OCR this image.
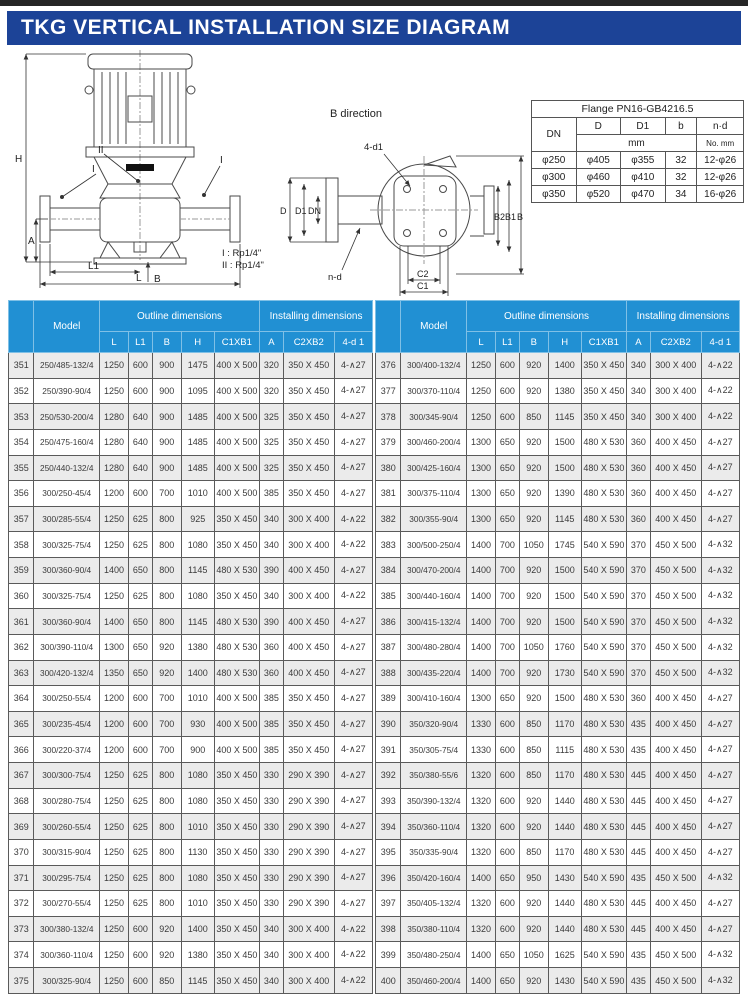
TKG VERTICAL INSTALLATION SIZE DIAGRAM
H
A
L1
L B
II
I
I
B direction
D D1 DN
n-d
4-d1
B2 B1 B
C2
C1
I : Rp1/4"
II : Rp1/4"
Flange PN16-GB4216.5				
DN	D	D1	b	n·d
	mm			No. mm
φ250	φ405	φ355	32	12-φ26
φ300	φ460	φ410	32	12-φ26
φ350	φ520	φ470	34	16-φ26
	Model	Outline dimensions					Installing dimensions		
		L	L1	B	H	C1XB1	A	C2XB2	4-d 1
351	250/485-132/4	1250	600	900	1475	400 X 500	320	350 X 450	4-∧27
352	250/390-90/4	1250	600	900	1095	400 X 500	320	350 X 450	4-∧27
353	250/530-200/4	1280	640	900	1485	400 X 500	325	350 X 450	4-∧27
354	250/475-160/4	1280	640	900	1485	400 X 500	325	350 X 450	4-∧27
355	250/440-132/4	1280	640	900	1485	400 X 500	325	350 X 450	4-∧27
356	300/250-45/4	1200	600	700	1010	400 X 500	385	350 X 450	4-∧27
357	300/285-55/4	1250	625	800	925	350 X 450	340	300 X 400	4-∧22
358	300/325-75/4	1250	625	800	1080	350 X 450	340	300 X 400	4-∧22
359	300/360-90/4	1400	650	800	1145	480 X 530	390	400 X 450	4-∧27
360	300/325-75/4	1250	625	800	1080	350 X 450	340	300 X 400	4-∧22
361	300/360-90/4	1400	650	800	1145	480 X 530	390	400 X 450	4-∧27
362	300/390-110/4	1300	650	920	1380	480 X 530	360	400 X 450	4-∧27
363	300/420-132/4	1350	650	920	1400	480 X 530	360	400 X 450	4-∧27
364	300/250-55/4	1200	600	700	1010	400 X 500	385	350 X 450	4-∧27
365	300/235-45/4	1200	600	700	930	400 X 500	385	350 X 450	4-∧27
366	300/220-37/4	1200	600	700	900	400 X 500	385	350 X 450	4-∧27
367	300/300-75/4	1250	625	800	1080	350 X 450	330	290 X 390	4-∧27
368	300/280-75/4	1250	625	800	1080	350 X 450	330	290 X 390	4-∧27
369	300/260-55/4	1250	625	800	1010	350 X 450	330	290 X 390	4-∧27
370	300/315-90/4	1250	625	800	1130	350 X 450	330	290 X 390	4-∧27
371	300/295-75/4	1250	625	800	1080	350 X 450	330	290 X 390	4-∧27
372	300/270-55/4	1250	625	800	1010	350 X 450	330	290 X 390	4-∧27
373	300/380-132/4	1250	600	920	1400	350 X 450	340	300 X 400	4-∧22
374	300/360-110/4	1250	600	920	1380	350 X 450	340	300 X 400	4-∧22
375	300/325-90/4	1250	600	850	1145	350 X 450	340	300 X 400	4-∧22
	Model	Outline dimensions					Installing dimensions		
		L	L1	B	H	C1XB1	A	C2XB2	4-d 1
376	300/400-132/4	1250	600	920	1400	350 X 450	340	300 X 400	4-∧22
377	300/370-110/4	1250	600	920	1380	350 X 450	340	300 X 400	4-∧22
378	300/345-90/4	1250	600	850	1145	350 X 450	340	300 X 400	4-∧22
379	300/460-200/4	1300	650	920	1500	480 X 530	360	400 X 450	4-∧27
380	300/425-160/4	1300	650	920	1500	480 X 530	360	400 X 450	4-∧27
381	300/375-110/4	1300	650	920	1390	480 X 530	360	400 X 450	4-∧27
382	300/355-90/4	1300	650	920	1145	480 X 530	360	400 X 450	4-∧27
383	300/500-250/4	1400	700	1050	1745	540 X 590	370	450 X 500	4-∧32
384	300/470-200/4	1400	700	920	1500	540 X 590	370	450 X 500	4-∧32
385	300/440-160/4	1400	700	920	1500	540 X 590	370	450 X 500	4-∧32
386	300/415-132/4	1400	700	920	1500	540 X 590	370	450 X 500	4-∧32
387	300/480-280/4	1400	700	1050	1760	540 X 590	370	450 X 500	4-∧32
388	300/435-220/4	1400	700	920	1730	540 X 590	370	450 X 500	4-∧32
389	300/410-160/4	1300	650	920	1500	480 X 530	360	400 X 450	4-∧27
390	350/320-90/4	1330	600	850	1170	480 X 530	435	400 X 450	4-∧27
391	350/305-75/4	1330	600	850	1115	480 X 530	435	400 X 450	4-∧27
392	350/380-55/6	1320	600	850	1170	480 X 530	445	400 X 450	4-∧27
393	350/390-132/4	1320	600	920	1440	480 X 530	445	400 X 450	4-∧27
394	350/360-110/4	1320	600	920	1440	480 X 530	445	400 X 450	4-∧27
395	350/335-90/4	1320	600	850	1170	480 X 530	445	400 X 450	4-∧27
396	350/420-160/4	1400	650	950	1430	540 X 590	435	450 X 500	4-∧32
397	350/405-132/4	1320	600	920	1440	480 X 530	445	400 X 450	4-∧27
398	350/380-110/4	1320	600	920	1440	480 X 530	445	400 X 450	4-∧27
399	350/480-250/4	1400	650	1050	1625	540 X 590	435	450 X 500	4-∧32
400	350/460-200/4	1400	650	920	1430	540 X 590	435	450 X 500	4-∧32
